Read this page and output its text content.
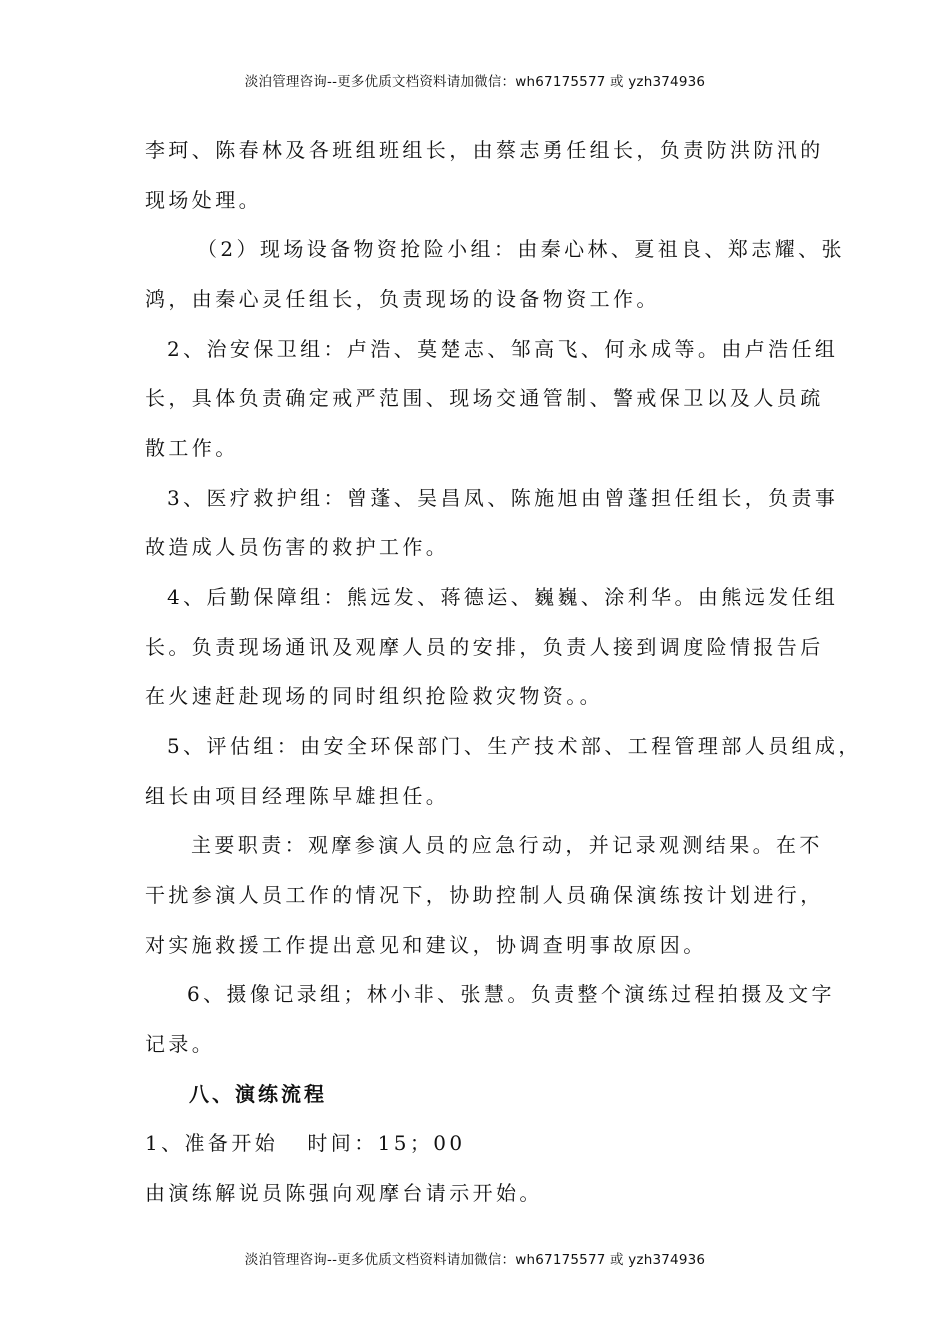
淡泊管理咨询--更多优质文档资料请加微信：wh67175577 或 yzh374936
李珂、陈春林及各班组班组长，由蔡志勇任组长，负责防洪防汛的
现场处理。
（2）现场设备物资抢险小组：由秦心林、夏祖良、郑志耀、张
鸿，由秦心灵任组长，负责现场的设备物资工作。
2、治安保卫组：卢浩、莫楚志、邹高飞、何永成等。由卢浩任组
长，具体负责确定戒严范围、现场交通管制、警戒保卫以及人员疏
散工作。
3、医疗救护组：曾蓬、吴昌凤、陈施旭由曾蓬担任组长，负责事
故造成人员伤害的救护工作。
4、后勤保障组：熊远发、蒋德运、巍巍、涂利华。由熊远发任组
长。负责现场通讯及观摩人员的安排，负责人接到调度险情报告后
在火速赶赴现场的同时组织抢险救灾物资。。
5、评估组：由安全环保部门、生产技术部、工程管理部人员组成，
组长由项目经理陈早雄担任。
主要职责：观摩参演人员的应急行动，并记录观测结果。在不
干扰参演人员工作的情况下，协助控制人员确保演练按计划进行，
对实施救援工作提出意见和建议，协调查明事故原因。
6、摄像记录组；林小非、张慧。负责整个演练过程拍摄及文字
记录。
八、演练流程
1、准备开始   时间：15；00
由演练解说员陈强向观摩台请示开始。
淡泊管理咨询--更多优质文档资料请加微信：wh67175577 或 yzh374936
